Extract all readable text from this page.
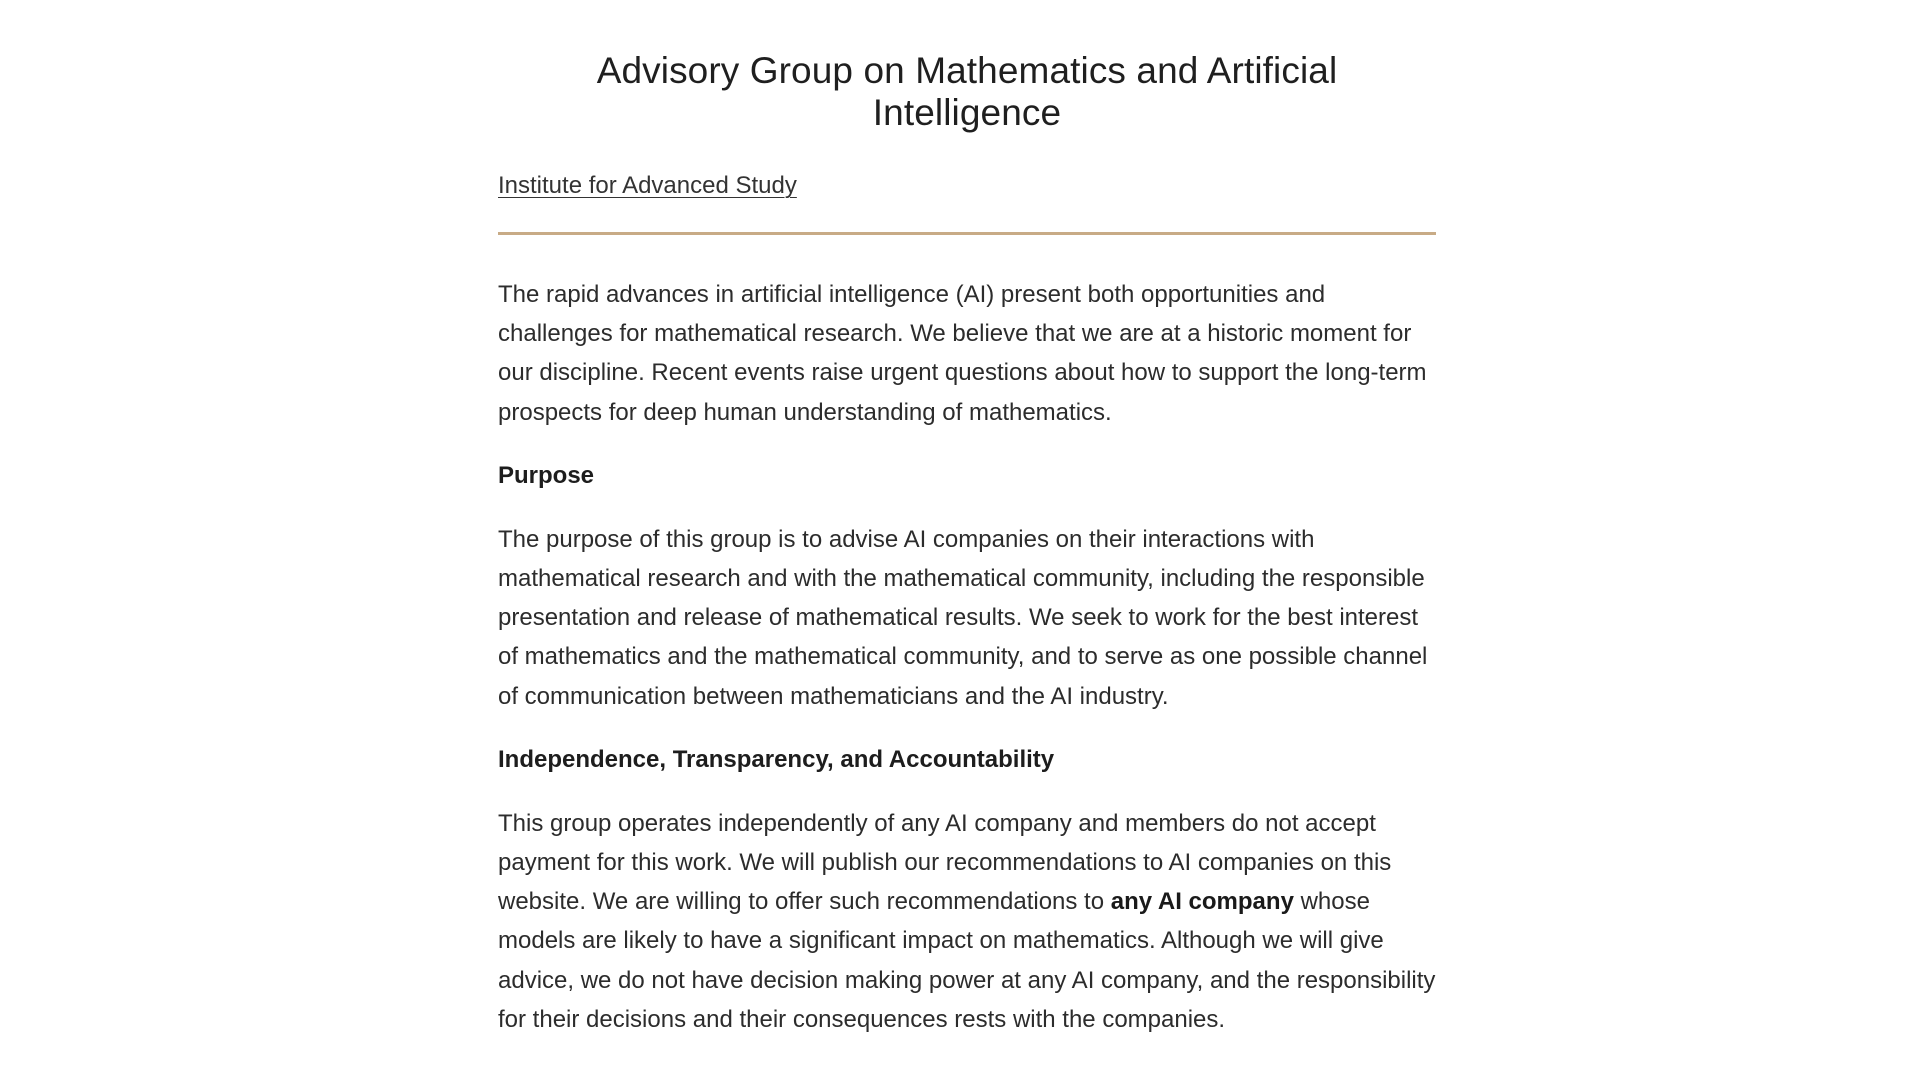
Advisory Group on Mathematics and Artificial Intelligence
Institute for Advanced Study

The rapid advances in artificial intelligence (AI) present both opportunities and challenges for mathematical research. We believe that we are at a historic moment for our discipline. Recent events raise urgent questions about how to support the long-term prospects for deep human understanding of mathematics.

Purpose

The purpose of this group is to advise AI companies on their interactions with mathematical research and with the mathematical community, including the responsible presentation and release of mathematical results. We seek to work for the best interest of mathematics and the mathematical community, and to serve as one possible channel of communication between mathematicians and the AI industry.

Independence, Transparency, and Accountability

This group operates independently of any AI company and members do not accept payment for this work. We will publish our recommendations to AI companies on this website. We are willing to offer such recommendations to any AI company whose models are likely to have a significant impact on mathematics. Although we will give advice, we do not have decision making power at any AI company, and the responsibility for their decisions and their consequences rests with the companies.
